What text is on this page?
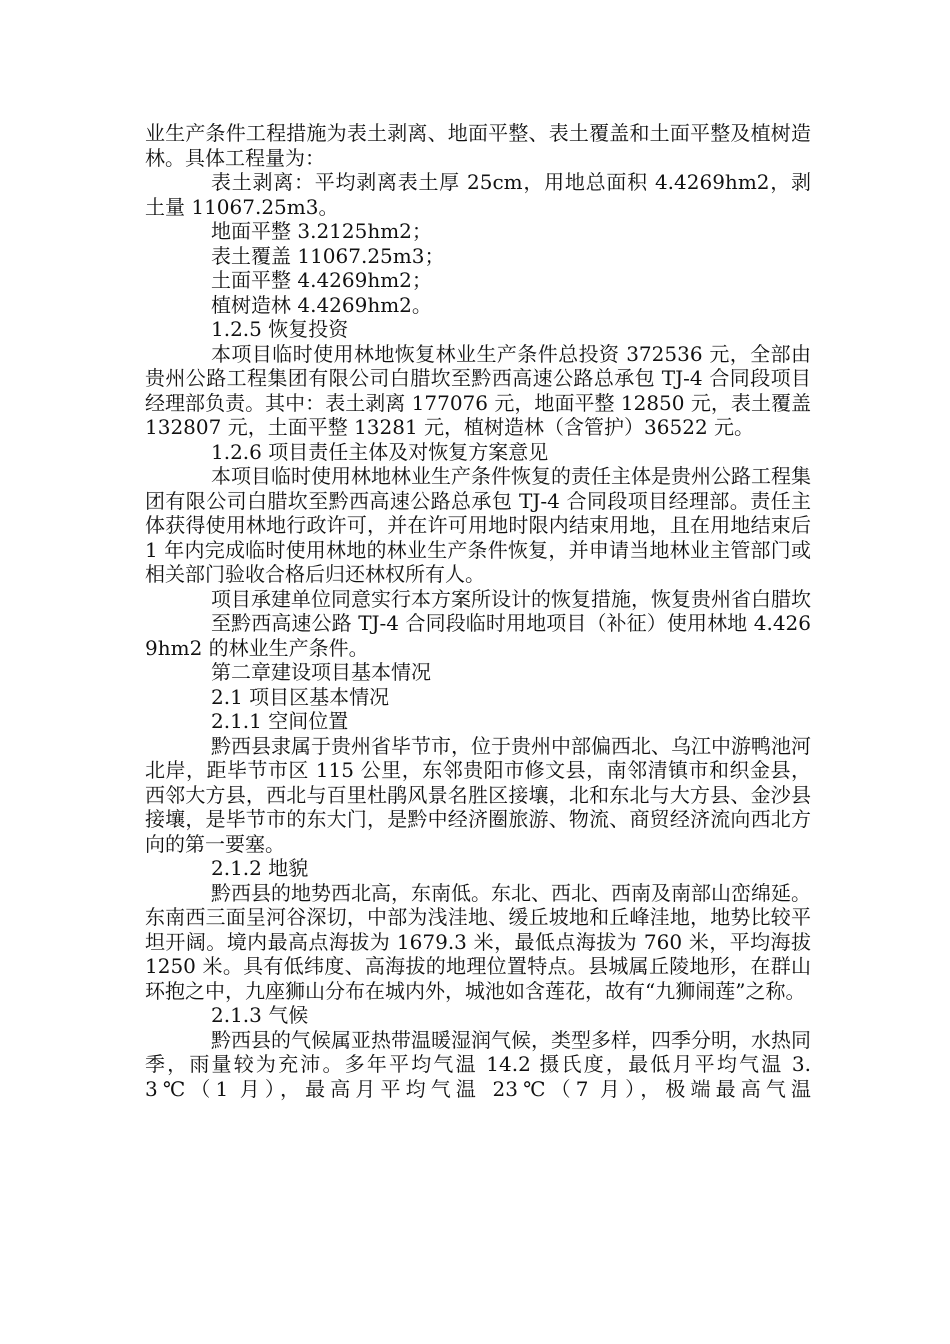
业生产条件工程措施为表土剥离、地面平整、表土覆盖和土面平整及植树造林。具体工程量为：

表土剥离：平均剥离表土厚 25cm，用地总面积 4.4269hm2，剥土量 11067.25m3。

地面平整 3.2125hm2；

表土覆盖 11067.25m3；

土面平整 4.4269hm2；

植树造林 4.4269hm2。

1.2.5 恢复投资

本项目临时使用林地恢复林业生产条件总投资 372536 元，全部由贵州公路工程集团有限公司白腊坎至黔西高速公路总承包 TJ-4 合同段项目经理部负责。其中：表土剥离 177076 元，地面平整 12850 元，表土覆盖 132807 元，土面平整 13281 元，植树造林（含管护）36522 元。

1.2.6 项目责任主体及对恢复方案意见

本项目临时使用林地林业生产条件恢复的责任主体是贵州公路工程集团有限公司白腊坎至黔西高速公路总承包 TJ-4 合同段项目经理部。责任主体获得使用林地行政许可，并在许可用地时限内结束用地，且在用地结束后 1 年内完成临时使用林地的林业生产条件恢复，并申请当地林业主管部门或相关部门验收合格后归还林权所有人。

项目承建单位同意实行本方案所设计的恢复措施，恢复贵州省白腊坎

至黔西高速公路 TJ-4 合同段临时用地项目（补征）使用林地 4.4269hm2 的林业生产条件。

第二章建设项目基本情况

2.1 项目区基本情况

2.1.1 空间位置

黔西县隶属于贵州省毕节市，位于贵州中部偏西北、乌江中游鸭池河北岸，距毕节市区 115 公里，东邻贵阳市修文县，南邻清镇市和织金县，西邻大方县，西北与百里杜鹃风景名胜区接壤，北和东北与大方县、金沙县接壤，是毕节市的东大门，是黔中经济圈旅游、物流、商贸经济流向西北方向的第一要塞。

2.1.2 地貌

黔西县的地势西北高，东南低。东北、西北、西南及南部山峦绵延。东南西三面呈河谷深切，中部为浅洼地、缓丘坡地和丘峰洼地，地势比较平坦开阔。境内最高点海拔为 1679.3 米，最低点海拔为 760 米，平均海拔 1250 米。具有低纬度、高海拔的地理位置特点。县城属丘陵地形，在群山环抱之中，九座狮山分布在城内外，城池如含莲花，故有“九狮闹莲”之称。

2.1.3 气候

黔西县的气候属亚热带温暖湿润气候，类型多样，四季分明，水热同季，雨量较为充沛。多年平均气温 14.2 摄氏度，最低月平均气温 3.3℃（1 月），最高月平均气温 23℃（7 月），极端最高气温
